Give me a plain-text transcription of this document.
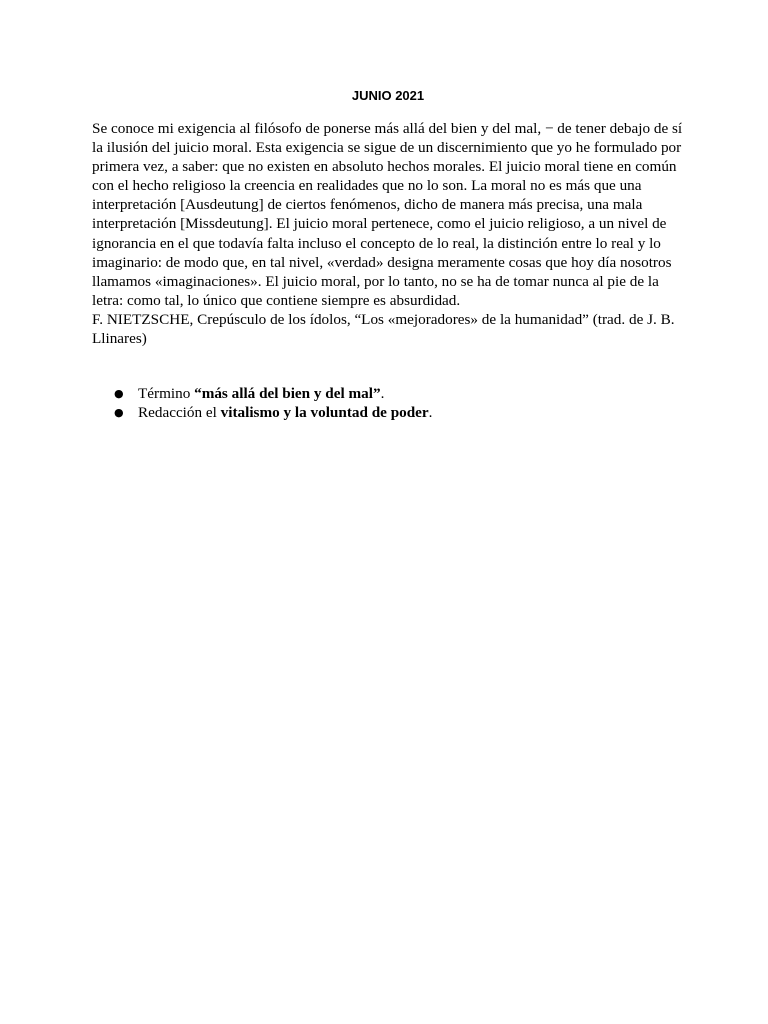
JUNIO 2021

Se conoce mi exigencia al filósofo de ponerse más allá del bien y del mal, − de tener debajo de sí la ilusión del juicio moral. Esta exigencia se sigue de un discernimiento que yo he formulado por primera vez, a saber: que no existen en absoluto hechos morales. El juicio moral tiene en común con el hecho religioso la creencia en realidades que no lo son. La moral no es más que una interpretación [Ausdeutung] de ciertos fenómenos, dicho de manera más precisa, una mala interpretación [Missdeutung]. El juicio moral pertenece, como el juicio religioso, a un nivel de ignorancia en el que todavía falta incluso el concepto de lo real, la distinción entre lo real y lo imaginario: de modo que, en tal nivel, «verdad» designa meramente cosas que hoy día nosotros llamamos «imaginaciones». El juicio moral, por lo tanto, no se ha de tomar nunca al pie de la letra: como tal, lo único que contiene siempre es absurdidad.

F. NIETZSCHE, Crepúsculo de los ídolos, “Los «mejoradores» de la humanidad” (trad. de J. B. Llinares)

● Término “más allá del bien y del mal”.
● Redacción el vitalismo y la voluntad de poder.
